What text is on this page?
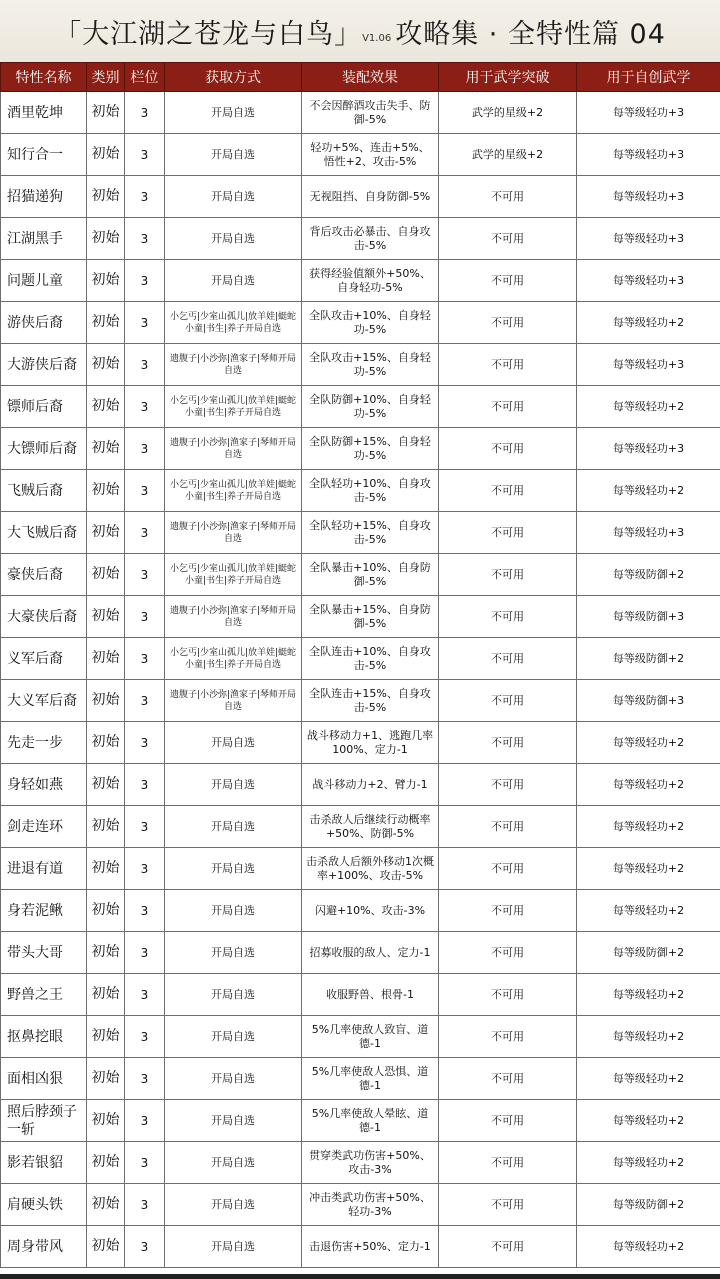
「大江湖之苍龙与白鸟」 V1.06 攻略集 · 全特性篇 04
特性名称	类别	栏位	获取方式	装配效果	用于武学突破	用于自创武学
酒里乾坤	初始	3	开局自选	不会因醉酒攻击失手、防御-5%	武学的星级+2	每等级轻功+3
知行合一	初始	3	开局自选	轻功+5%、连击+5%、悟性+2、攻击-5%	武学的星级+2	每等级轻功+3
招猫递狗	初始	3	开局自选	无视阻挡、自身防御-5%	不可用	每等级轻功+3
江湖黑手	初始	3	开局自选	背后攻击必暴击、自身攻击-5%	不可用	每等级轻功+3
问题儿童	初始	3	开局自选	获得经验值额外+50%、自身轻功-5%	不可用	每等级轻功+3
游侠后裔	初始	3	小乞丐|少室山孤儿|放羊娃|蜓蛇小童|书生|养子开局自选	全队攻击+10%、自身轻功-5%	不可用	每等级轻功+2
大游侠后裔	初始	3	遗腹子|小沙弥|渔家子|琴师开局自选	全队攻击+15%、自身轻功-5%	不可用	每等级轻功+3
镖师后裔	初始	3	小乞丐|少室山孤儿|放羊娃|蜓蛇小童|书生|养子开局自选	全队防御+10%、自身轻功-5%	不可用	每等级轻功+2
大镖师后裔	初始	3	遗腹子|小沙弥|渔家子|琴师开局自选	全队防御+15%、自身轻功-5%	不可用	每等级轻功+3
飞贼后裔	初始	3	小乞丐|少室山孤儿|放羊娃|蜓蛇小童|书生|养子开局自选	全队轻功+10%、自身攻击-5%	不可用	每等级轻功+2
大飞贼后裔	初始	3	遗腹子|小沙弥|渔家子|琴师开局自选	全队轻功+15%、自身攻击-5%	不可用	每等级轻功+3
豪侠后裔	初始	3	小乞丐|少室山孤儿|放羊娃|蜓蛇小童|书生|养子开局自选	全队暴击+10%、自身防御-5%	不可用	每等级防御+2
大豪侠后裔	初始	3	遗腹子|小沙弥|渔家子|琴师开局自选	全队暴击+15%、自身防御-5%	不可用	每等级防御+3
义军后裔	初始	3	小乞丐|少室山孤儿|放羊娃|蜓蛇小童|书生|养子开局自选	全队连击+10%、自身攻击-5%	不可用	每等级防御+2
大义军后裔	初始	3	遗腹子|小沙弥|渔家子|琴师开局自选	全队连击+15%、自身攻击-5%	不可用	每等级防御+3
先走一步	初始	3	开局自选	战斗移动力+1、逃跑几率100%、定力-1	不可用	每等级轻功+2
身轻如燕	初始	3	开局自选	战斗移动力+2、臂力-1	不可用	每等级轻功+2
剑走连环	初始	3	开局自选	击杀敌人后继续行动概率+50%、防御-5%	不可用	每等级轻功+2
进退有道	初始	3	开局自选	击杀敌人后额外移动1次概率+100%、攻击-5%	不可用	每等级轻功+2
身若泥鳅	初始	3	开局自选	闪避+10%、攻击-3%	不可用	每等级轻功+2
带头大哥	初始	3	开局自选	招募收服的敌人、定力-1	不可用	每等级防御+2
野兽之王	初始	3	开局自选	收服野兽、根骨-1	不可用	每等级轻功+2
抠鼻挖眼	初始	3	开局自选	5%几率使敌人致盲、道德-1	不可用	每等级轻功+2
面相凶狠	初始	3	开局自选	5%几率使敌人恐惧、道德-1	不可用	每等级轻功+2
照后脖颈子一斩	初始	3	开局自选	5%几率使敌人晕眩、道德-1	不可用	每等级轻功+2
影若银貂	初始	3	开局自选	贯穿类武功伤害+50%、攻击-3%	不可用	每等级轻功+2
肩硬头铁	初始	3	开局自选	冲击类武功伤害+50%、轻功-3%	不可用	每等级防御+2
周身带风	初始	3	开局自选	击退伤害+50%、定力-1	不可用	每等级轻功+2
